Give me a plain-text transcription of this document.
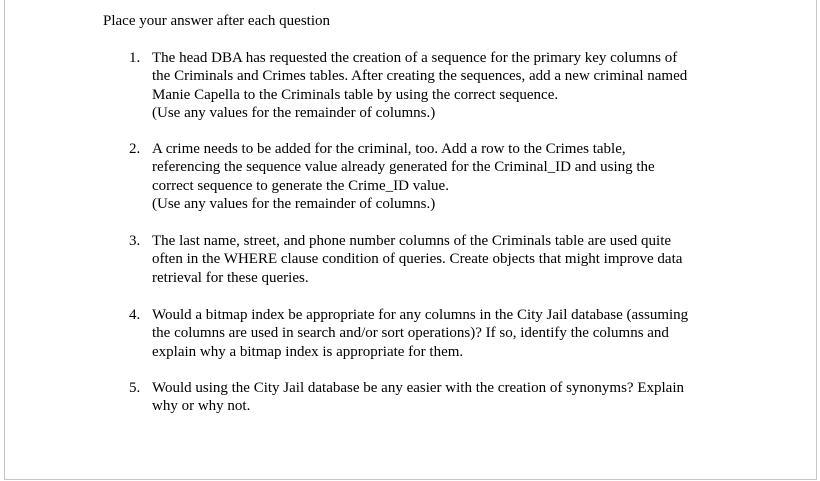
Place your answer after each question
1. The head DBA has requested the creation of a sequence for the primary key columns of
the Criminals and Crimes tables. After creating the sequences, add a new criminal named
Manie Capella to the Criminals table by using the correct sequence.
(Use any values for the remainder of columns.)
2. A crime needs to be added for the criminal, too. Add a row to the Crimes table,
referencing the sequence value already generated for the Criminal_ID and using the
correct sequence to generate the Crime_ID value.
(Use any values for the remainder of columns.)
3. The last name, street, and phone number columns of the Criminals table are used quite
often in the WHERE clause condition of queries. Create objects that might improve data
retrieval for these queries.
4. Would a bitmap index be appropriate for any columns in the City Jail database (assuming
the columns are used in search and/or sort operations)? If so, identify the columns and
explain why a bitmap index is appropriate for them.
5. Would using the City Jail database be any easier with the creation of synonyms? Explain
why or why not.
